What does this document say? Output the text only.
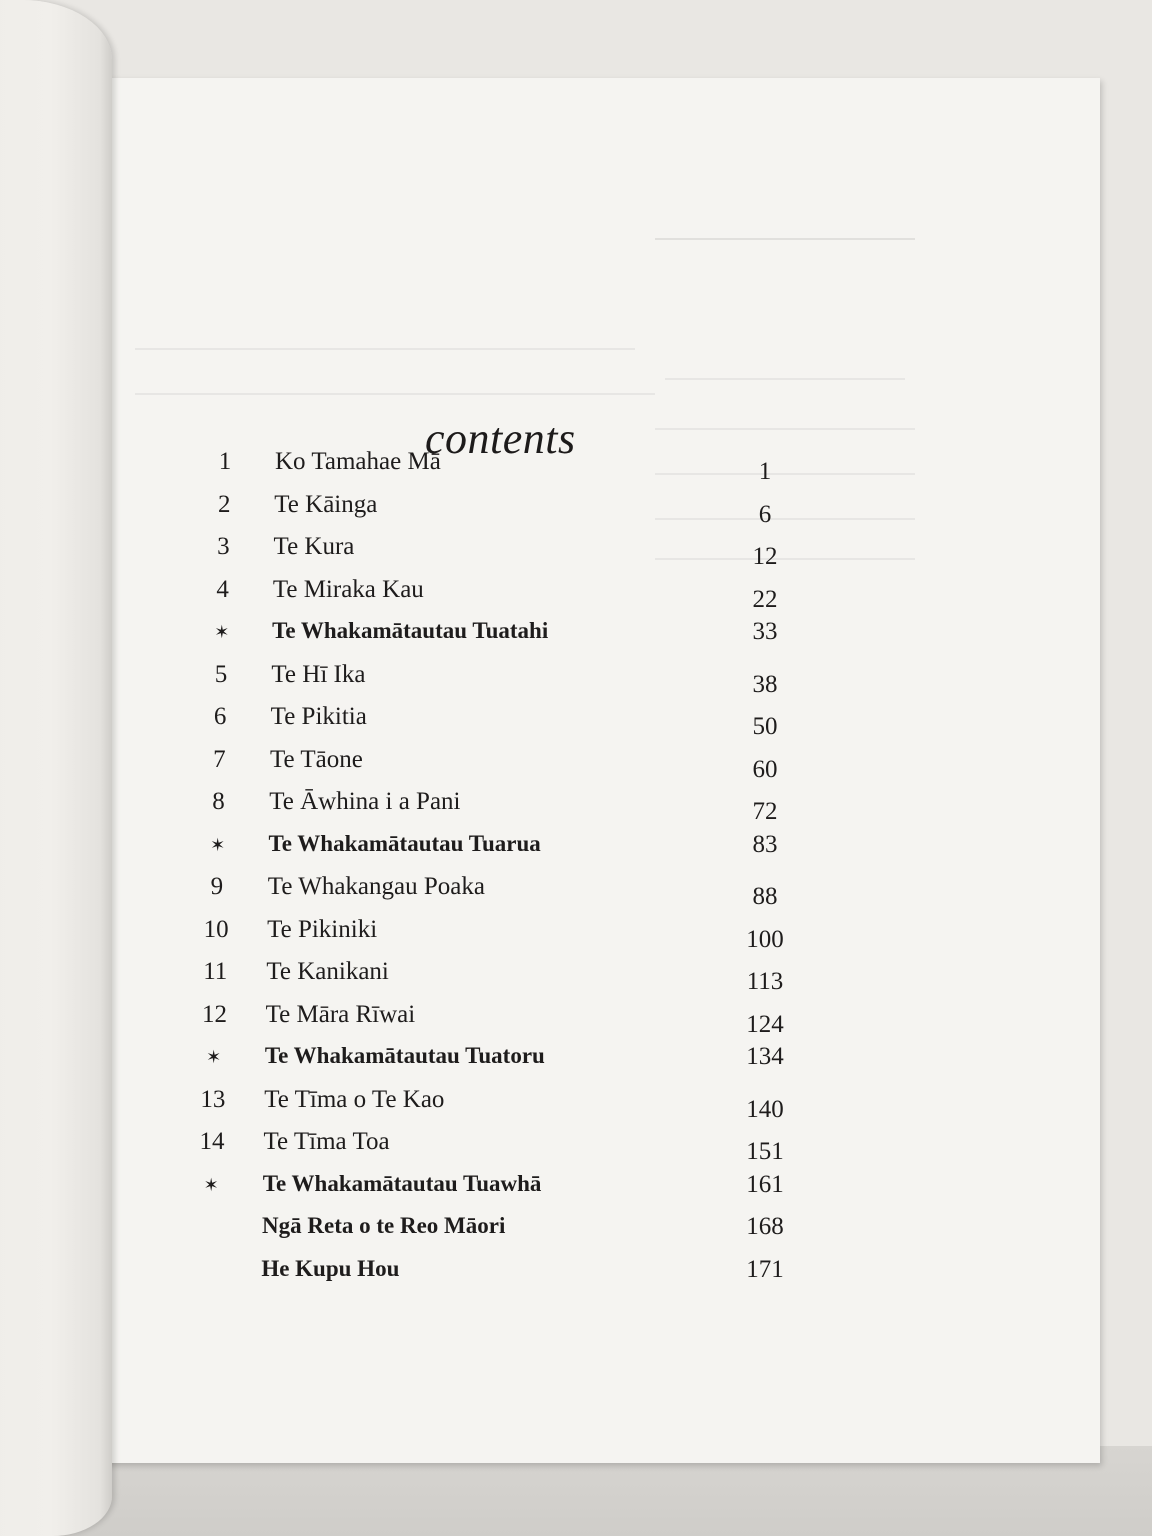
contents
1	Ko Tamahae Mā	1
2	Te Kāinga	6
3	Te Kura	12
4	Te Miraka Kau	22
✶	Te Whakamātautau Tuatahi	33
5	Te Hī Ika	38
6	Te Pikitia	50
7	Te Tāone	60
8	Te Āwhina i a Pani	72
✶	Te Whakamātautau Tuarua	83
9	Te Whakangau Poaka	88
10	Te Pikiniki	100
11	Te Kanikani	113
12	Te Māra Rīwai	124
✶	Te Whakamātautau Tuatoru	134
13	Te Tīma o Te Kao	140
14	Te Tīma Toa	151
✶	Te Whakamātautau Tuawhā	161
Ngā Reta o te Reo Māori	168
He Kupu Hou	171
